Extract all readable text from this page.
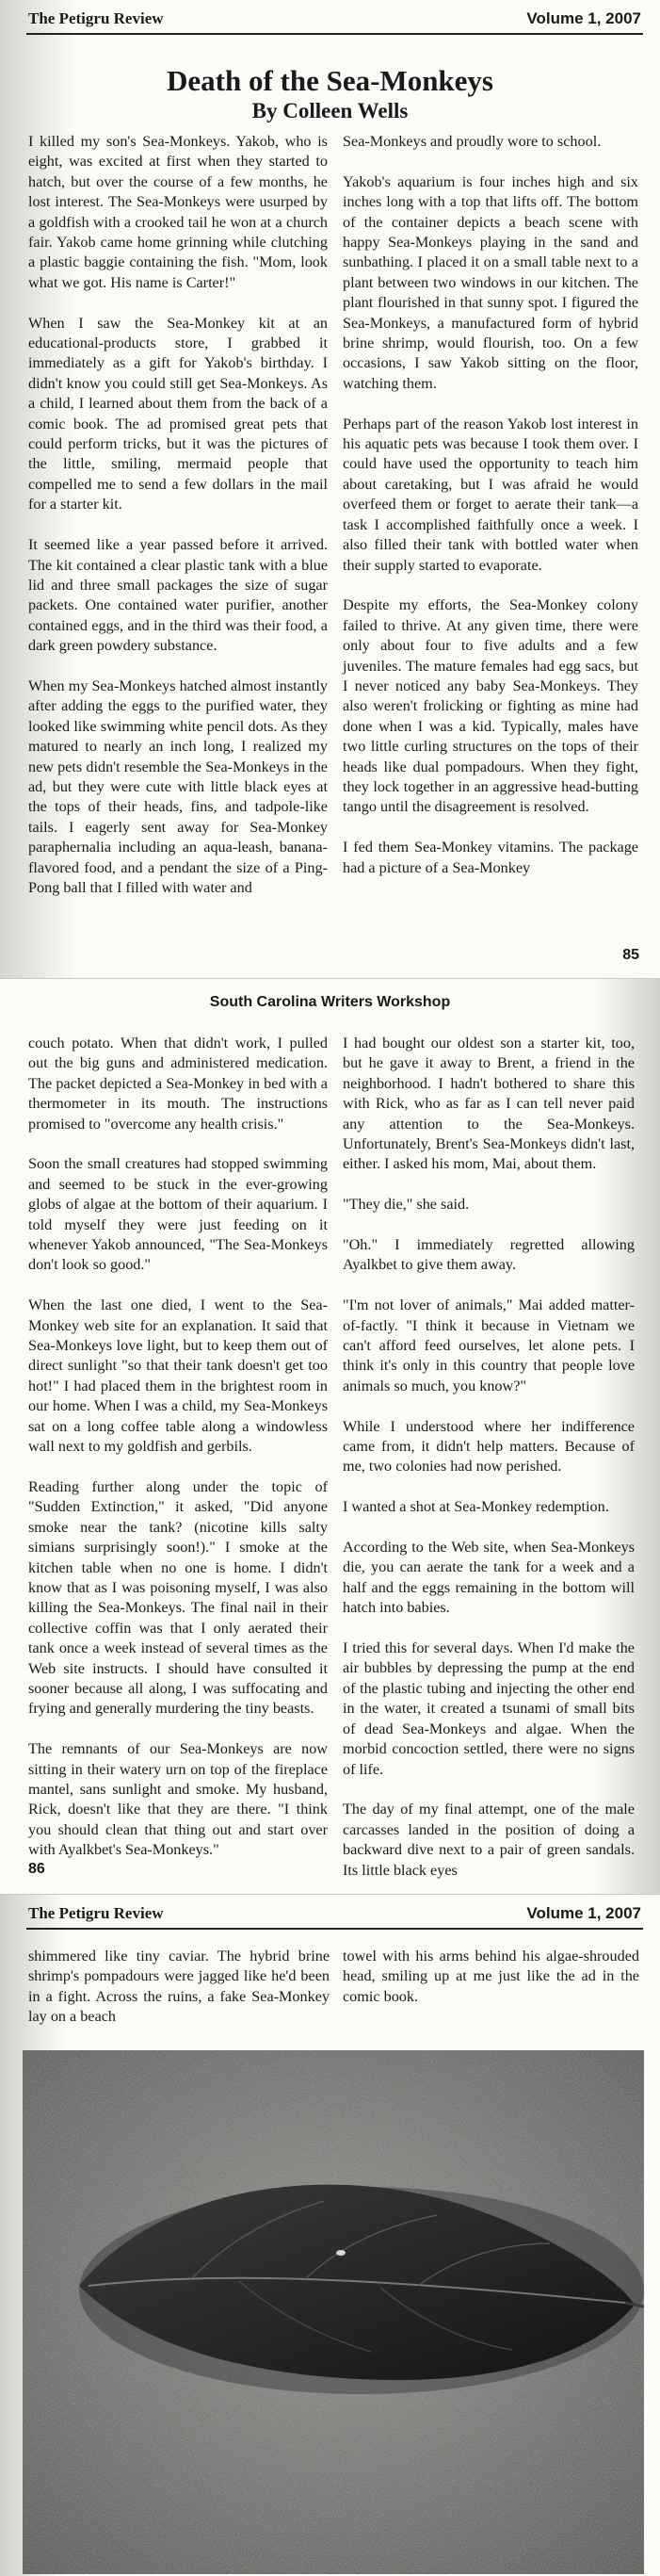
The Petigru Review	Volume 1, 2007
Death of the Sea-Monkeys
By Colleen Wells

I killed my son's Sea-Monkeys. Yakob, who is eight, was excited at first when they started to hatch, but over the course of a few months, he lost interest. The Sea-Monkeys were usurped by a goldfish with a crooked tail he won at a church fair. Yakob came home grinning while clutching a plastic baggie containing the fish. "Mom, look what we got. His name is Carter!"

When I saw the Sea-Monkey kit at an educational-products store, I grabbed it immediately as a gift for Yakob's birthday. I didn't know you could still get Sea-Monkeys. As a child, I learned about them from the back of a comic book. The ad promised great pets that could perform tricks, but it was the pictures of the little, smiling, mermaid people that compelled me to send a few dollars in the mail for a starter kit.

It seemed like a year passed before it arrived. The kit contained a clear plastic tank with a blue lid and three small packages the size of sugar packets. One contained water purifier, another contained eggs, and in the third was their food, a dark green powdery substance.

When my Sea-Monkeys hatched almost instantly after adding the eggs to the purified water, they looked like swimming white pencil dots. As they matured to nearly an inch long, I realized my new pets didn't resemble the Sea-Monkeys in the ad, but they were cute with little black eyes at the tops of their heads, fins, and tadpole-like tails. I eagerly sent away for Sea-Monkey paraphernalia including an aqua-leash, banana-flavored food, and a pendant the size of a Ping-Pong ball that I filled with water and

Sea-Monkeys and proudly wore to school.

Yakob's aquarium is four inches high and six inches long with a top that lifts off. The bottom of the container depicts a beach scene with happy Sea-Monkeys playing in the sand and sunbathing. I placed it on a small table next to a plant between two windows in our kitchen. The plant flourished in that sunny spot. I figured the Sea-Monkeys, a manufactured form of hybrid brine shrimp, would flourish, too. On a few occasions, I saw Yakob sitting on the floor, watching them.

Perhaps part of the reason Yakob lost interest in his aquatic pets was because I took them over. I could have used the opportunity to teach him about caretaking, but I was afraid he would overfeed them or forget to aerate their tank—a task I accomplished faithfully once a week. I also filled their tank with bottled water when their supply started to evaporate.

Despite my efforts, the Sea-Monkey colony failed to thrive. At any given time, there were only about four to five adults and a few juveniles. The mature females had egg sacs, but I never noticed any baby Sea-Monkeys. They also weren't frolicking or fighting as mine had done when I was a kid. Typically, males have two little curling structures on the tops of their heads like dual pompadours. When they fight, they lock together in an aggressive head-butting tango until the disagreement is resolved.

I fed them Sea-Monkey vitamins. The package had a picture of a Sea-Monkey

85
South Carolina Writers Workshop

couch potato. When that didn't work, I pulled out the big guns and administered medication. The packet depicted a Sea-Monkey in bed with a thermometer in its mouth. The instructions promised to "overcome any health crisis."

Soon the small creatures had stopped swimming and seemed to be stuck in the ever-growing globs of algae at the bottom of their aquarium. I told myself they were just feeding on it whenever Yakob announced, "The Sea-Monkeys don't look so good."

When the last one died, I went to the Sea-Monkey web site for an explanation. It said that Sea-Monkeys love light, but to keep them out of direct sunlight "so that their tank doesn't get too hot!" I had placed them in the brightest room in our home. When I was a child, my Sea-Monkeys sat on a long coffee table along a windowless wall next to my goldfish and gerbils.

Reading further along under the topic of "Sudden Extinction," it asked, "Did anyone smoke near the tank? (nicotine kills salty simians surprisingly soon!)." I smoke at the kitchen table when no one is home. I didn't know that as I was poisoning myself, I was also killing the Sea-Monkeys. The final nail in their collective coffin was that I only aerated their tank once a week instead of several times as the Web site instructs. I should have consulted it sooner because all along, I was suffocating and frying and generally murdering the tiny beasts.

The remnants of our Sea-Monkeys are now sitting in their watery urn on top of the fireplace mantel, sans sunlight and smoke. My husband, Rick, doesn't like that they are there. "I think you should clean that thing out and start over with Ayalkbet's Sea-Monkeys."

I had bought our oldest son a starter kit, too, but he gave it away to Brent, a friend in the neighborhood. I hadn't bothered to share this with Rick, who as far as I can tell never paid any attention to the Sea-Monkeys. Unfortunately, Brent's Sea-Monkeys didn't last, either. I asked his mom, Mai, about them.

"They die," she said.

"Oh." I immediately regretted allowing Ayalkbet to give them away.

"I'm not lover of animals," Mai added matter-of-factly. "I think it because in Vietnam we can't afford feed ourselves, let alone pets. I think it's only in this country that people love animals so much, you know?"

While I understood where her indifference came from, it didn't help matters. Because of me, two colonies had now perished.

I wanted a shot at Sea-Monkey redemption.

According to the Web site, when Sea-Monkeys die, you can aerate the tank for a week and a half and the eggs remaining in the bottom will hatch into babies.

I tried this for several days. When I'd make the air bubbles by depressing the pump at the end of the plastic tubing and injecting the other end in the water, it created a tsunami of small bits of dead Sea-Monkeys and algae. When the morbid concoction settled, there were no signs of life.

The day of my final attempt, one of the male carcasses landed in the position of doing a backward dive next to a pair of green sandals. Its little black eyes

86
The Petigru Review	Volume 1, 2007

shimmered like tiny caviar. The hybrid brine shrimp's pompadours were jagged like he'd been in a fight. Across the ruins, a fake Sea-Monkey lay on a beach

towel with his arms behind his algae-shrouded head, smiling up at me just like the ad in the comic book.
